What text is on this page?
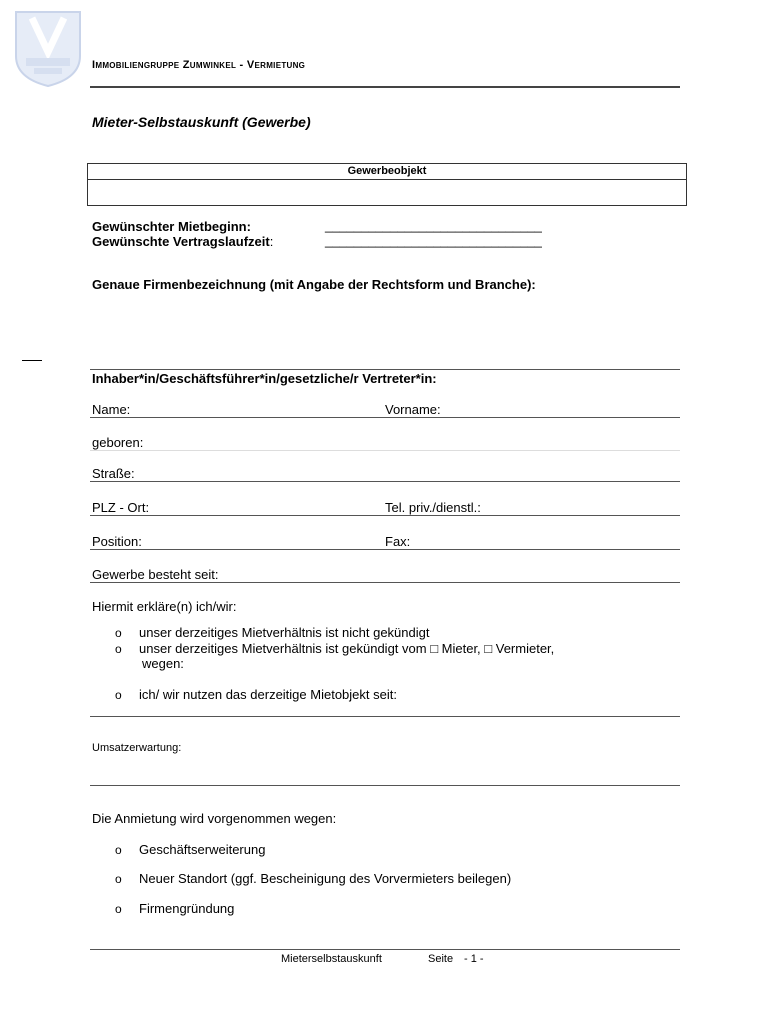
Immobiliengruppe Zumwinkel - Vermietung
Mieter-Selbstauskunft (Gewerbe)
Gewerbeobjekt
Gewünschter Mietbeginn:	______________________________
Gewünschte Vertragslaufzeit:	______________________________
Genaue Firmenbezeichnung (mit Angabe der Rechtsform und Branche):
Inhaber*in/Geschäftsführer*in/gesetzliche/r Vertreter*in:
Name:	Vorname:
geboren:
Straße:
PLZ - Ort:	Tel. priv./dienstl.:
Position:	Fax:
Gewerbe besteht seit:
Hiermit erkläre(n) ich/wir:
o unser derzeitiges Mietverhältnis ist nicht gekündigt
o unser derzeitiges Mietverhältnis ist gekündigt vom □ Mieter, □ Vermieter,
wegen:
o ich/ wir nutzen das derzeitige Mietobjekt seit:
Umsatzerwartung:
Die Anmietung wird vorgenommen wegen:
o Geschäftserweiterung
o Neuer Standort (ggf. Bescheinigung des Vorvermieters beilegen)
o Firmengründung
Mieterselbstauskunft	Seite - 1 -
